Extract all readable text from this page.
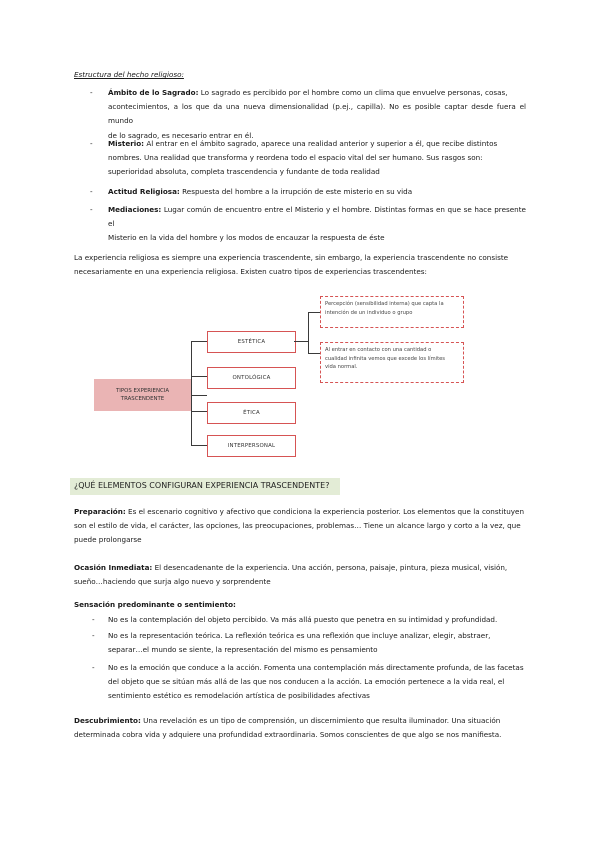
Estructura del hecho religioso:
- Ámbito de lo Sagrado: Lo sagrado es percibido por el hombre como un clima que envuelve personas, cosas,
acontecimientos, a los que da una nueva dimensionalidad (p.ej., capilla). No es posible captar desde fuera el mundo
de lo sagrado, es necesario entrar en él.
- Misterio: Al entrar en el ámbito sagrado, aparece una realidad anterior y superior a él, que recibe distintos
nombres. Una realidad que transforma y reordena todo el espacio vital del ser humano. Sus rasgos son:
superioridad absoluta, completa trascendencia y fundante de toda realidad
- Actitud Religiosa: Respuesta del hombre a la irrupción de este misterio en su vida
- Mediaciones: Lugar común de encuentro entre el Misterio y el hombre. Distintas formas en que se hace presente el
Misterio en la vida del hombre y los modos de encauzar la respuesta de éste
La experiencia religiosa es siempre una experiencia trascendente, sin embargo, la experiencia trascendente no consiste
necesariamente en una experiencia religiosa. Existen cuatro tipos de experiencias trascendentes:
TIPOS EXPERIENCIA
TRASCENDENTE
ESTÉTICA
ONTOLÓGICA
ÉTICA
INTERPERSONAL
Percepción (sensibilidad interna) que capta la
intención de un individuo o grupo
Al entrar en contacto con una cantidad o
cualidad infinita vemos que excede los límites
vida normal.
¿QUÉ ELEMENTOS CONFIGURAN EXPERIENCIA TRASCENDENTE?
Preparación: Es el escenario cognitivo y afectivo que condiciona la experiencia posterior. Los elementos que la constituyen
son el estilo de vida, el carácter, las opciones, las preocupaciones, problemas… Tiene un alcance largo y corto a la vez, que
puede prolongarse
Ocasión Inmediata: El desencadenante de la experiencia. Una acción, persona, paisaje, pintura, pieza musical, visión,
sueño…haciendo que surja algo nuevo y sorprendente
Sensación predominante o sentimiento:
- No es la contemplación del objeto percibido. Va más allá puesto que penetra en su intimidad y profundidad.
- No es la representación teórica. La reflexión teórica es una reflexión que incluye analizar, elegir, abstraer,
separar…el mundo se siente, la representación del mismo es pensamiento
- No es la emoción que conduce a la acción. Fomenta una contemplación más directamente profunda, de las facetas
del objeto que se sitúan más allá de las que nos conducen a la acción. La emoción pertenece a la vida real, el
sentimiento estético es remodelación artística de posibilidades afectivas
Descubrimiento: Una revelación es un tipo de comprensión, un discernimiento que resulta iluminador. Una situación
determinada cobra vida y adquiere una profundidad extraordinaria. Somos conscientes de que algo se nos manifiesta.
